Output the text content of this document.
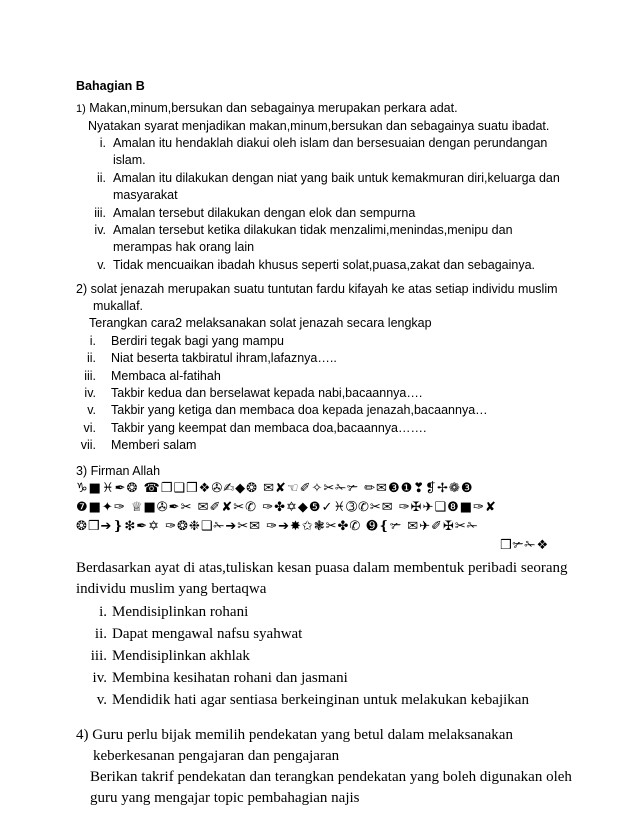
Bahagian B
1) Makan,minum,bersukan dan sebagainya merupakan perkara adat.
Nyatakan syarat menjadikan makan,minum,bersukan dan sebagainya suatu ibadat.
i. Amalan itu hendaklah diakui oleh islam dan bersesuaian dengan perundangan
islam.
ii. Amalan itu dilakukan dengan niat yang baik untuk kemakmuran diri,keluarga dan
masyarakat
iii. Amalan tersebut dilakukan dengan elok dan sempurna
iv. Amalan tersebut ketika dilakukan tidak menzalimi,menindas,menipu dan
merampas hak orang lain
v. Tidak mencuaikan ibadah khusus seperti solat,puasa,zakat dan sebagainya.
2) solat jenazah merupakan suatu tuntutan fardu kifayah ke atas setiap individu muslim
mukallaf.
Terangkan cara2 melaksanakan solat jenazah secara lengkap
i. Berdiri tegak bagi yang mampu
ii. Niat beserta takbiratul ihram,lafaznya…..
iii. Membaca al-fatihah
iv. Takbir kedua dan berselawat kepada nabi,bacaannya….
v. Takbir yang ketiga dan membaca doa kepada jenazah,bacaannya…
vi. Takbir yang keempat dan membaca doa,bacaannya…….
vii. Memberi salam
3) Firman Allah
♑■♓✒❂ ☎❐❑❒❖✇✍◆❂ ✉✘☜✐✧✂✁✃ ✏✉❸❶❣❡✢❁❸
❼■✦✑ ♕■✇✒✂ ✉✐✘✂✆ ✑✤✡◆❺✓♓➂✆✂✉ ✑✠✈❑❽■✑✘
❂❒➔❵❇✒✡ ✑❂❉❑✁➔✂✉ ✑➔✸✩❃✂✤✆ ➒❴✃ ✉✈✐✠✂✁
❒✃✁❖
Berdasarkan ayat di atas,tuliskan kesan puasa dalam membentuk peribadi seorang
individu muslim yang bertaqwa
i. Mendisiplinkan rohani
ii. Dapat mengawal nafsu syahwat
iii. Mendisiplinkan akhlak
iv. Membina kesihatan rohani dan jasmani
v. Mendidik hati agar sentiasa berkeinginan untuk melakukan kebajikan
4) Guru perlu bijak memilih pendekatan yang betul dalam melaksanakan
keberkesanan pengajaran dan pengajaran
Berikan takrif pendekatan dan terangkan pendekatan yang boleh digunakan oleh
guru yang mengajar topic pembahagian najis
